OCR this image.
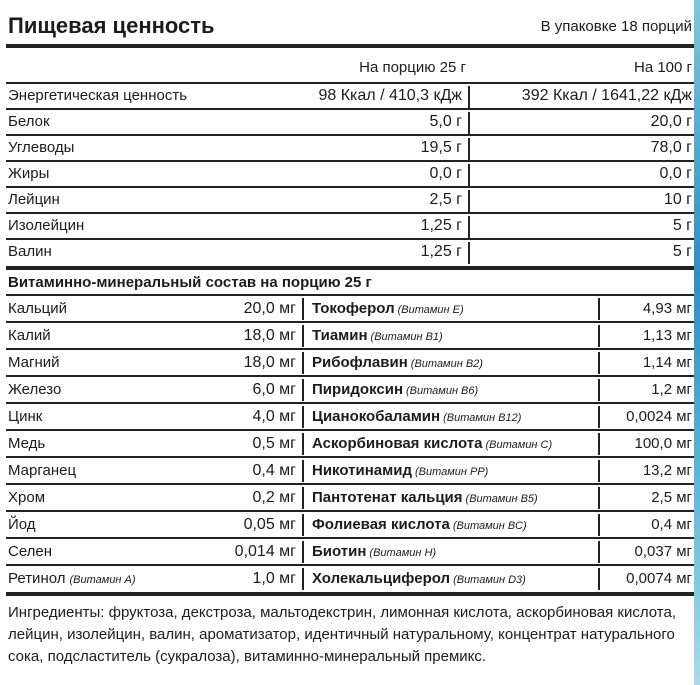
Пищевая ценность	В упаковке 18 порций
На порцию 25 г	На 100 г
Энергетическая ценность	98 Ккал / 410,3 кДж	392 Ккал / 1641,22 кДж
Белок	5,0 г	20,0 г
Углеводы	19,5 г	78,0 г
Жиры	0,0 г	0,0 г
Лейцин	2,5 г	10 г
Изолейцин	1,25 г	5 г
Валин	1,25 г	5 г
Витаминно-минеральный состав на порцию 25 г
Кальций	20,0 мг Токоферол (Витамин Е)	4,93 мг
Калий	18,0 мг Тиамин (Витамин В1)	1,13 мг
Магний	18,0 мг Рибофлавин (Витамин В2)	1,14 мг
Железо	6,0 мг Пиридоксин (Витамин В6)	1,2 мг
Цинк	4,0 мг Цианокобаламин (Витамин В12)	0,0024 мг
Медь	0,5 мг Аскорбиновая кислота (Витамин С)	100,0 мг
Марганец	0,4 мг Никотинамид (Витамин РР)	13,2 мг
Хром	0,2 мг Пантотенат кальция (Витамин В5)	2,5 мг
Йод	0,05 мг Фолиевая кислота (Витамин ВС)	0,4 мг
Селен	0,014 мг Биотин (Витамин Н)	0,037 мг
Ретинол (Витамин А)	1,0 мг Холекальциферол (Витамин D3)	0,0074 мг
Ингредиенты: фруктоза, декстроза, мальтодекстрин, лимонная кислота, аскорбиновая кислота, лейцин, изолейцин, валин, ароматизатор, идентичный натуральному, концентрат натурального сока, подсластитель (сукралоза), витаминно-минеральный премикс.
